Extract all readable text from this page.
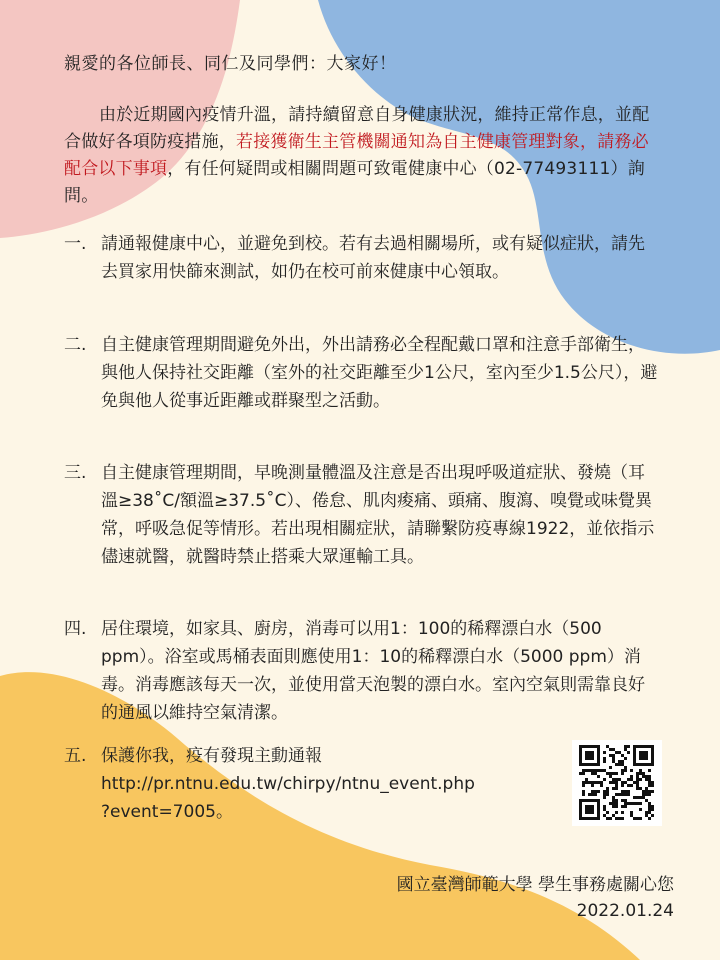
親愛的各位師長、同仁及同學們：大家好！
由於近期國內疫情升溫，請持續留意自身健康狀況，維持正常作息，並配合做好各項防疫措施，若接獲衛生主管機關通知為自主健康管理對象，請務必配合以下事項，有任何疑問或相關問題可致電健康中心（02-77493111）詢問。
一. 請通報健康中心，並避免到校。若有去過相關場所，或有疑似症狀，請先去買家用快篩來測試，如仍在校可前來健康中心領取。
二. 自主健康管理期間避免外出，外出請務必全程配戴口罩和注意手部衛生，與他人保持社交距離（室外的社交距離至少1公尺，室內至少1.5公尺），避免與他人從事近距離或群聚型之活動。
三. 自主健康管理期間，早晚測量體溫及注意是否出現呼吸道症狀、發燒（耳溫≥38˚C/額溫≥37.5˚C）、倦怠、肌肉痠痛、頭痛、腹瀉、嗅覺或味覺異常，呼吸急促等情形。若出現相關症狀，請聯繫防疫專線1922，並依指示儘速就醫，就醫時禁止搭乘大眾運輸工具。
四. 居住環境，如家具、廚房，消毒可以用1：100的稀釋漂白水（500 ppm）。浴室或馬桶表面則應使用1：10的稀釋漂白水（5000 ppm）消毒。消毒應該每天一次，並使用當天泡製的漂白水。室內空氣則需靠良好的通風以維持空氣清潔。
五. 保護你我，疫有發現主動通報
http://pr.ntnu.edu.tw/chirpy/ntnu_event.php
?event=7005。
國立臺灣師範大學 學生事務處關心您
2022.01.24
